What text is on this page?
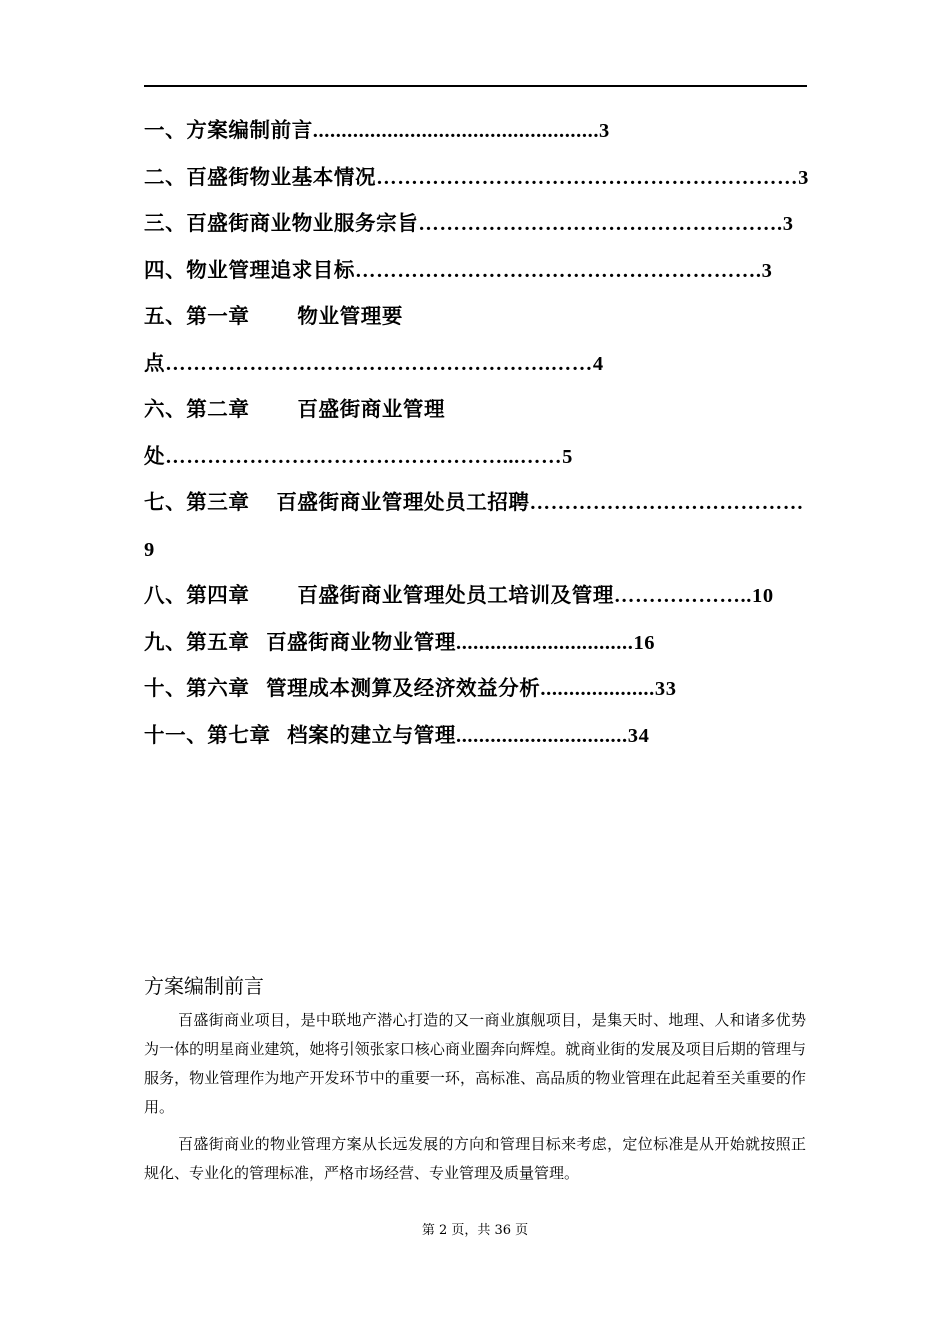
一、方案编制前言..................................................3
二、百盛街物业基本情况……………………………………………………3
三、百盛街商业物业服务宗旨…………………………………………….3
四、物业管理追求目标………………………………………………….3
五、第一章   物业管理要点……………………………………………….……4
六、第二章   百盛街商业管理处…………………………………………...……5
七、第三章  百盛街商业管理处员工招聘…………………………………9
八、第四章   百盛街商业管理处员工培训及管理………………..10
九、第五章  百盛街商业物业管理...............................16
十、第六章  管理成本测算及经济效益分析....................33
十一、第七章  档案的建立与管理..............................34
方案编制前言

百盛街商业项目，是中联地产潜心打造的又一商业旗舰项目，是集天时、地理、人和诸多优势为一体的明星商业建筑，她将引领张家口核心商业圈奔向辉煌。就商业街的发展及项目后期的管理与服务，物业管理作为地产开发环节中的重要一环，高标准、高品质的物业管理在此起着至关重要的作用。

百盛街商业的物业管理方案从长远发展的方向和管理目标来考虑，定位标准是从开始就按照正规化、专业化的管理标准，严格市场经营、专业管理及质量管理。

第 2 页，共 36 页
